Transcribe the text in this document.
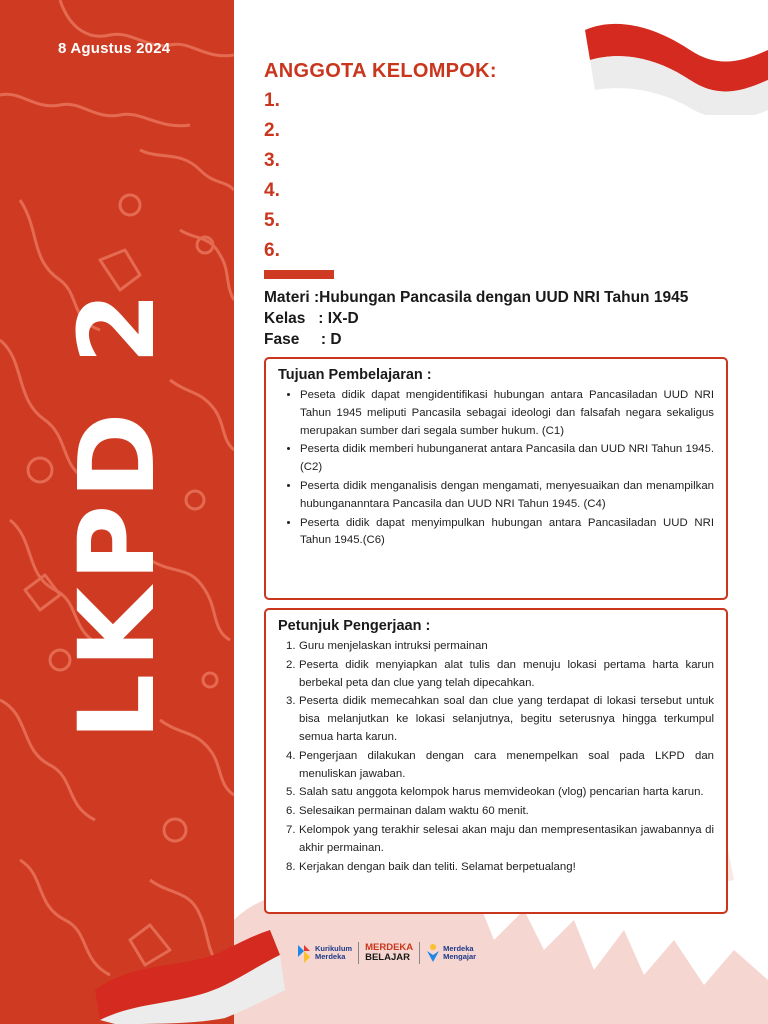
8 Agustus 2024
LKPD 2
ANGGOTA KELOMPOK:
1.
2.
3.
4.
5.
6.
Materi :Hubungan Pancasila dengan UUD NRI Tahun 1945
Kelas   : IX-D
Fase     : D
Tujuan Pembelajaran :
• Peseta didik dapat mengidentifikasi hubungan antara Pancasiladan UUD NRI Tahun 1945 meliputi Pancasila sebagai ideologi dan falsafah negara sekaligus merupakan sumber dari segala sumber hukum. (C1)
• Peserta didik memberi hubunganerat antara Pancasila dan UUD NRI Tahun 1945. (C2)
• Peserta didik menganalisis dengan mengamati, menyesuaikan dan menampilkan hubungananntara Pancasila dan UUD NRI Tahun 1945. (C4)
• Peserta didik dapat menyimpulkan hubungan antara Pancasiladan UUD NRI Tahun 1945.(C6)
Petunjuk Pengerjaan :
1. Guru menjelaskan intruksi permainan
2. Peserta didik menyiapkan alat tulis dan menuju lokasi pertama harta karun berbekal peta dan clue yang telah dipecahkan.
3. Peserta didik memecahkan soal dan clue yang terdapat di lokasi tersebut untuk bisa melanjutkan ke lokasi selanjutnya, begitu seterusnya hingga terkumpul semua harta karun.
4. Pengerjaan dilakukan dengan cara menempelkan soal pada LKPD dan menuliskan jawaban.
5. Salah satu anggota kelompok harus memvideokan (vlog) pencarian harta karun.
6. Selesaikan permainan dalam waktu 60 menit.
7. Kelompok yang terakhir selesai akan maju dan mempresentasikan jawabannya di akhir permainan.
8. Kerjakan dengan baik dan teliti. Selamat berpetualang!
Kurikulum
Merdeka
MERDEKA
BELAJAR
Merdeka
Mengajar
